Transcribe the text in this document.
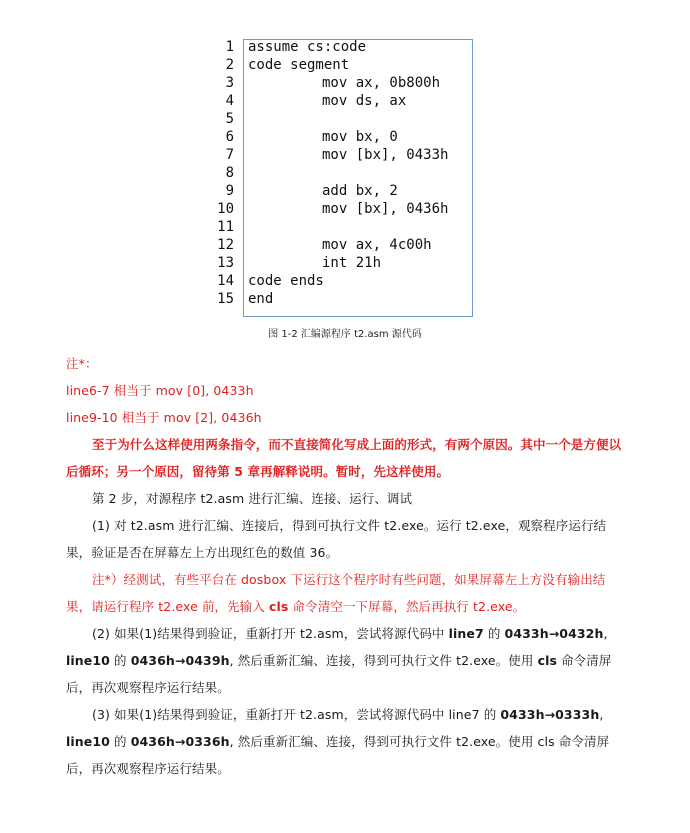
1 assume cs:code
2 code segment
3	mov ax, 0b800h
4	mov ds, ax
5
6	mov bx, 0
7	mov [bx], 0433h
8
9	add bx, 2
10	mov [bx], 0436h
11
12	mov ax, 4c00h
13	int 21h
14 code ends
15 end
图 1-2 汇编源程序 t2.asm 源代码
注*：
line6-7 相当于 mov [0], 0433h
line9-10 相当于 mov [2], 0436h
至于为什么这样使用两条指令，而不直接简化写成上面的形式，有两个原因。其中一个是方便以后循环；另一个原因，留待第 5 章再解释说明。暂时，先这样使用。
第 2 步，对源程序 t2.asm 进行汇编、连接、运行、调试
(1) 对 t2.asm 进行汇编、连接后，得到可执行文件 t2.exe。运行 t2.exe，观察程序运行结果，验证是否在屏幕左上方出现红色的数值 36。
注*）经测试，有些平台在 dosbox 下运行这个程序时有些问题，如果屏幕左上方没有输出结果，请运行程序 t2.exe 前，先输入 cls 命令清空一下屏幕，然后再执行 t2.exe。
(2) 如果(1)结果得到验证，重新打开 t2.asm，尝试将源代码中 line7 的 0433h→0432h, line10 的 0436h→0439h, 然后重新汇编、连接，得到可执行文件 t2.exe。使用 cls 命令清屏后，再次观察程序运行结果。
(3) 如果(1)结果得到验证，重新打开 t2.asm，尝试将源代码中 line7 的 0433h→0333h, line10 的 0436h→0336h, 然后重新汇编、连接，得到可执行文件 t2.exe。使用 cls 命令清屏后，再次观察程序运行结果。
